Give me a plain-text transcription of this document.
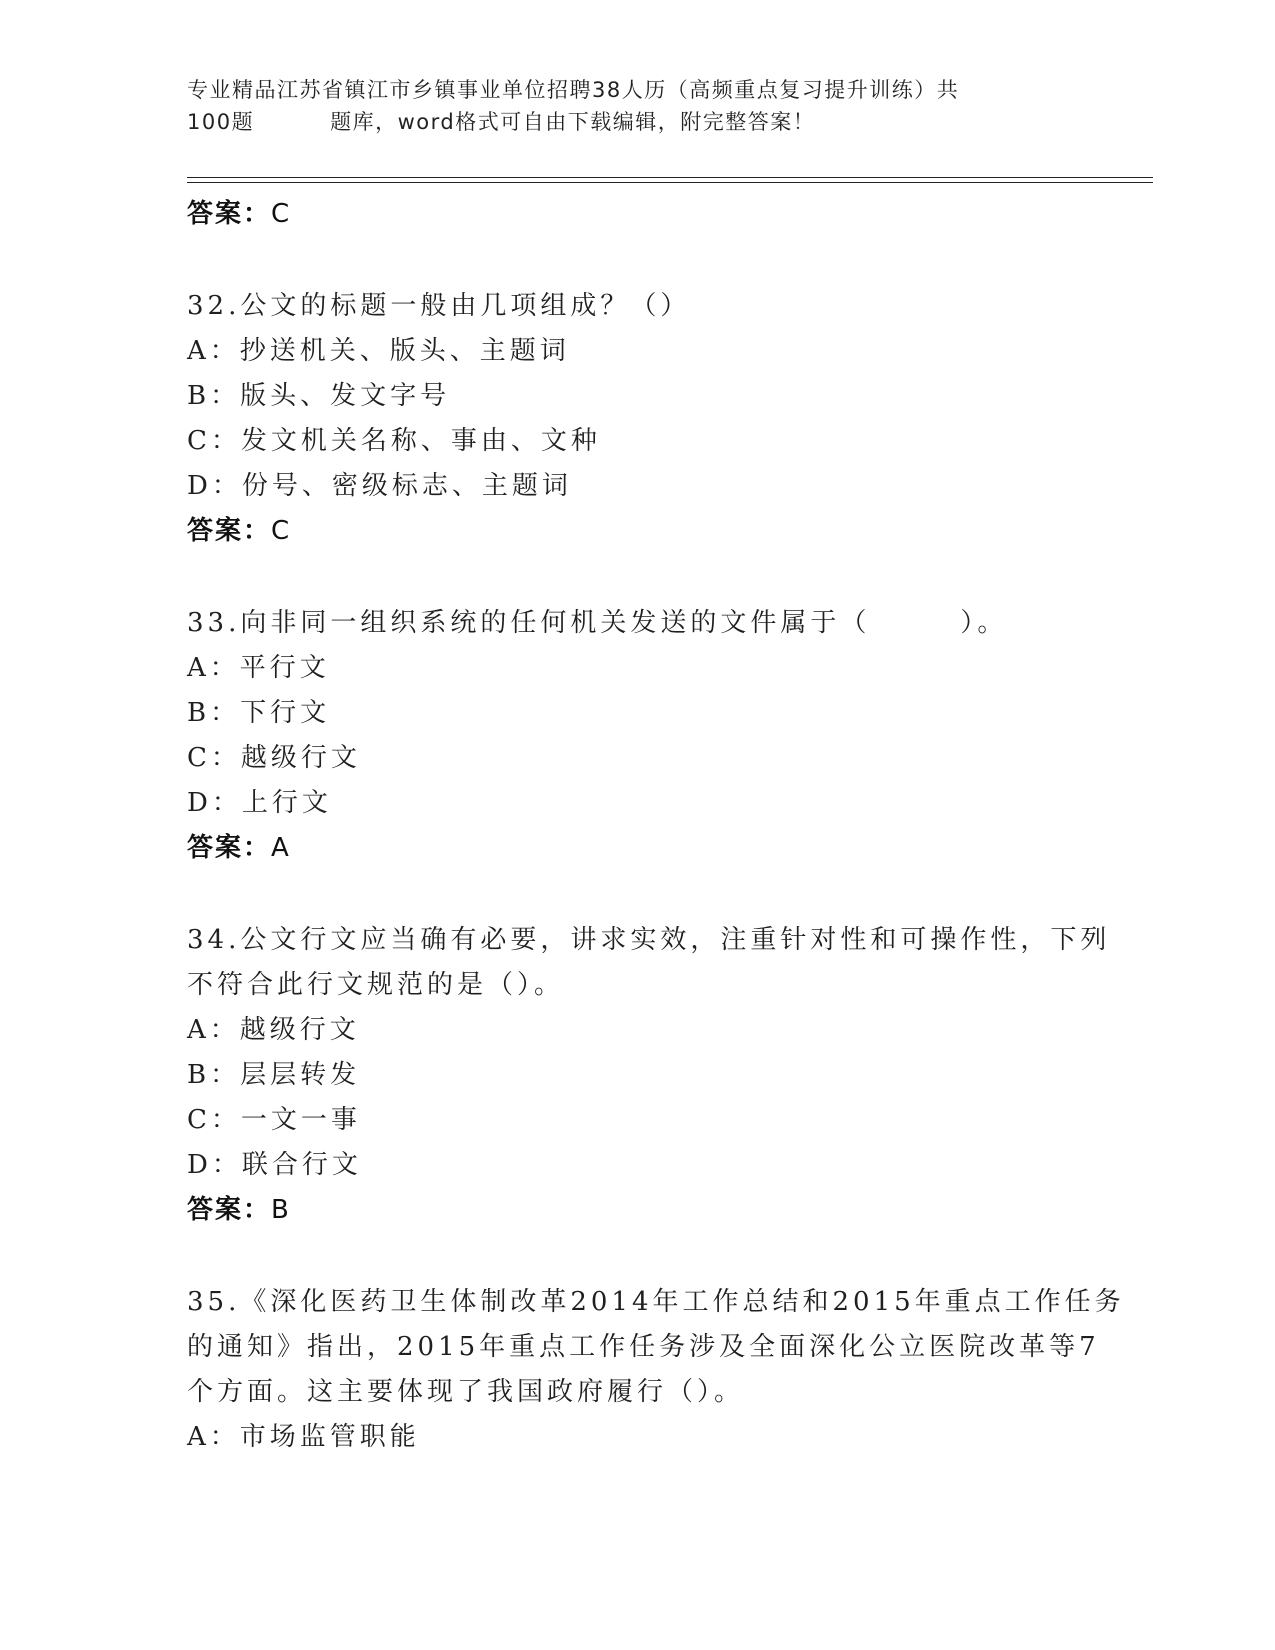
专业精品江苏省镇江市乡镇事业单位招聘38人历（高频重点复习提升训练）共
100题	题库，word格式可自由下载编辑，附完整答案！
答案：C
32.公文的标题一般由几项组成？（）
A：抄送机关、版头、主题词
B：版头、发文字号
C：发文机关名称、事由、文种
D：份号、密级标志、主题词
答案：C
33.向非同一组织系统的任何机关发送的文件属于（　　　）。
A：平行文
B：下行文
C：越级行文
D：上行文
答案：A
34.公文行文应当确有必要，讲求实效，注重针对性和可操作性，下列
不符合此行文规范的是（）。
A：越级行文
B：层层转发
C：一文一事
D：联合行文
答案：B
35.《深化医药卫生体制改革2014年工作总结和2015年重点工作任务
的通知》指出，2015年重点工作任务涉及全面深化公立医院改革等7
个方面。这主要体现了我国政府履行（）。
A：市场监管职能
